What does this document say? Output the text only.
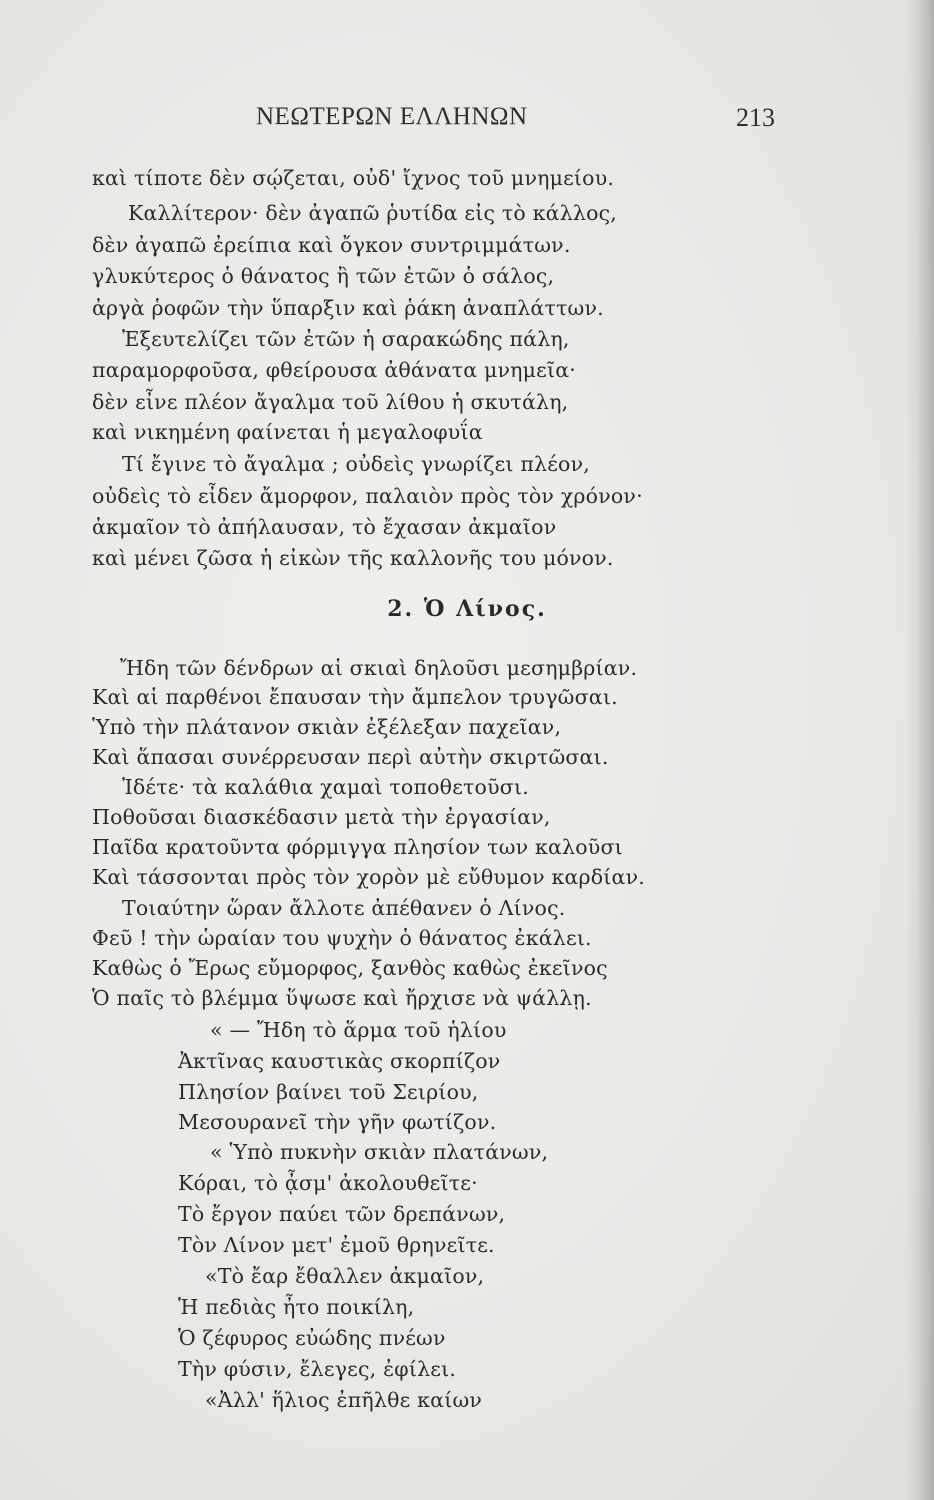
ΝΕΩΤΕΡΩΝ ΕΛΛΗΝΩΝ	213
καὶ τίποτε δὲν σῴζεται, οὐδ' ἴχνος τοῦ μνημείου.
Καλλίτερον· δὲν ἀγαπῶ ῥυτίδα εἰς τὸ κάλλος,
δὲν ἀγαπῶ ἐρείπια καὶ ὄγκον συντριμμάτων.
γλυκύτερος ὁ θάνατος ἢ τῶν ἐτῶν ὁ σάλος,
ἀργὰ ῥοφῶν τὴν ὕπαρξιν καὶ ῥάκη ἀναπλάττων.
Ἐξευτελίζει τῶν ἐτῶν ἡ σαρακώδης πάλη,
παραμορφοῦσα, φθείρουσα ἀθάνατα μνημεῖα·
δὲν εἶνε πλέον ἄγαλμα τοῦ λίθου ἡ σκυτάλη,
καὶ νικημένη φαίνεται ἡ μεγαλοφυΐα
Τί ἔγινε τὸ ἄγαλμα ; οὐδεὶς γνωρίζει πλέον,
οὐδεὶς τὸ εἶδεν ἄμορφον, παλαιὸν πρὸς τὸν χρόνον·
ἀκμαῖον τὸ ἀπήλαυσαν, τὸ ἔχασαν ἀκμαῖον
καὶ μένει ζῶσα ἡ εἰκὼν τῆς καλλονῆς του μόνον.
2. Ὁ Λίνος.
Ἤδη τῶν δένδρων αἱ σκιαὶ δηλοῦσι μεσημβρίαν.
Καὶ αἱ παρθένοι ἔπαυσαν τὴν ἄμπελον τρυγῶσαι.
Ὑπὸ τὴν πλάτανον σκιὰν ἐξέλεξαν παχεῖαν,
Καὶ ἅπασαι συνέρρευσαν περὶ αὐτὴν σκιρτῶσαι.
Ἰδέτε· τὰ καλάθια χαμαὶ τοποθετοῦσι.
Ποθοῦσαι διασκέδασιν μετὰ τὴν ἐργασίαν,
Παῖδα κρατοῦντα φόρμιγγα πλησίον των καλοῦσι
Καὶ τάσσονται πρὸς τὸν χορὸν μὲ εὔθυμον καρδίαν.
Τοιαύτην ὥραν ἄλλοτε ἀπέθανεν ὁ Λίνος.
Φεῦ ! τὴν ὡραίαν του ψυχὴν ὁ θάνατος ἐκάλει.
Καθὼς ὁ Ἔρως εὔμορφος, ξανθὸς καθὼς ἐκεῖνος
Ὁ παῖς τὸ βλέμμα ὕψωσε καὶ ἤρχισε νὰ ψάλλῃ.
« — Ἤδη τὸ ἅρμα τοῦ ἡλίου
Ἀκτῖνας καυστικὰς σκορπίζον
Πλησίον βαίνει τοῦ Σειρίου,
Μεσουρανεῖ τὴν γῆν φωτίζον.
« Ὑπὸ πυκνὴν σκιὰν πλατάνων,
Κόραι, τὸ ᾆσμ' ἀκολουθεῖτε·
Τὸ ἔργον παύει τῶν δρεπάνων,
Τὸν Λίνον μετ' ἐμοῦ θρηνεῖτε.
«Τὸ ἔαρ ἔθαλλεν ἀκμαῖον,
Ἡ πεδιὰς ἦτο ποικίλη,
Ὁ ζέφυρος εὐώδης πνέων
Τὴν φύσιν, ἔλεγες, ἐφίλει.
«Ἀλλ' ἥλιος ἐπῆλθε καίων
